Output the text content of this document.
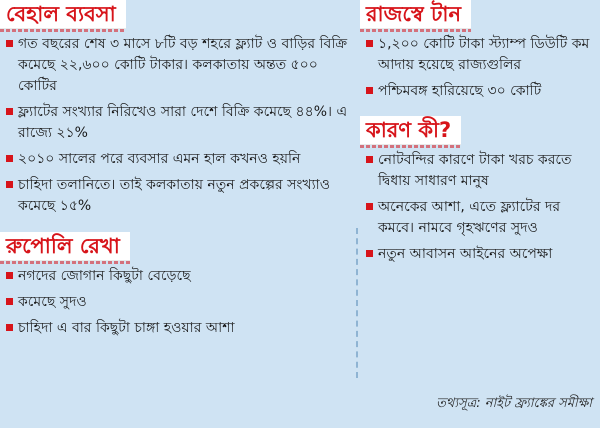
বেহাল ব্যবসা
গত বছরের শেষ ৩ মাসে ৮টি বড় শহরে ফ্ল্যাট ও বাড়ির বিক্রি কমেছে ২২,৬০০ কোটি টাকার। কলকাতায় অন্তত ৫০০ কোটির
ফ্ল্যাটের সংখ্যার নিরিখেও সারা দেশে বিক্রি কমেছে ৪৪%। এ রাজ্যে ২১%
২০১০ সালের পরে ব্যবসার এমন হাল কখনও হয়নি
চাহিদা তলানিতে। তাই কলকাতায় নতুন প্রকল্পের সংখ্যাও কমেছে ১৫%
রুপোলি রেখা
নগদের জোগান কিছুটা বেড়েছে
কমেছে সুদও
চাহিদা এ বার কিছুটা চাঙ্গা হওয়ার আশা
রাজস্বে টান
১,২০০ কোটি টাকা স্ট্যাম্প ডিউটি কম আদায় হয়েছে রাজ্যগুলির
পশ্চিমবঙ্গ হারিয়েছে ৩০ কোটি
কারণ কী?
নোটবন্দির কারণে টাকা খরচ করতে দ্বিধায় সাধারণ মানুষ
অনেকের আশা, এতে ফ্ল্যাটের দর কমবে। নামবে গৃহঋণের সুদও
নতুন আবাসন আইনের অপেক্ষা
তথ্যসূত্র: নাইট ফ্র্যাঙ্কের সমীক্ষা
